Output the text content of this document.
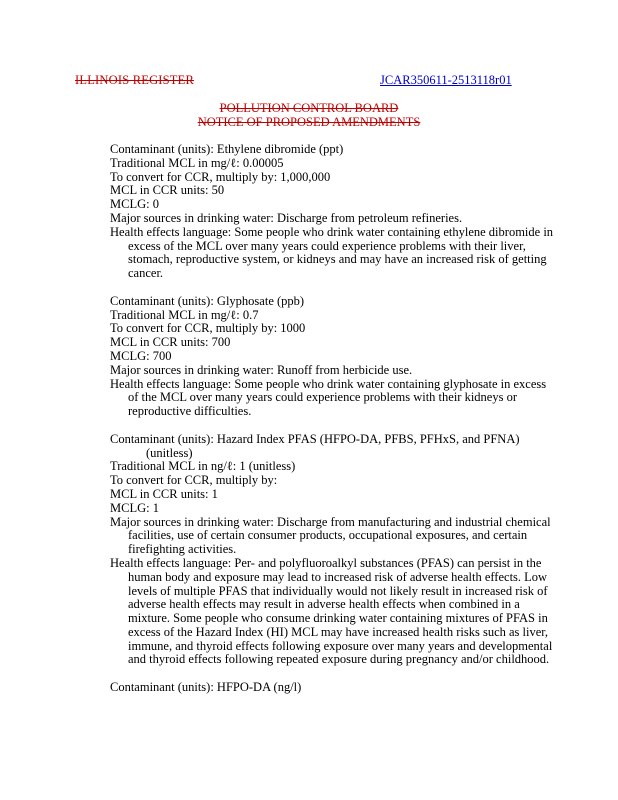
ILLINOIS REGISTER	JCAR350611-2513118r01
POLLUTION CONTROL BOARD
NOTICE OF PROPOSED AMENDMENTS

Contaminant (units): Ethylene dibromide (ppt)

Traditional MCL in mg/ℓ: 0.00005

To convert for CCR, multiply by: 1,000,000

MCL in CCR units: 50

MCLG: 0

Major sources in drinking water: Discharge from petroleum refineries.

Health effects language: Some people who drink water containing ethylene dibromide in

excess of the MCL over many years could experience problems with their liver,

stomach, reproductive system, or kidneys and may have an increased risk of getting

cancer.

Contaminant (units): Glyphosate (ppb)

Traditional MCL in mg/ℓ: 0.7

To convert for CCR, multiply by: 1000

MCL in CCR units: 700

MCLG: 700

Major sources in drinking water: Runoff from herbicide use.

Health effects language: Some people who drink water containing glyphosate in excess

of the MCL over many years could experience problems with their kidneys or

reproductive difficulties.

Contaminant (units): Hazard Index PFAS (HFPO-DA, PFBS, PFHxS, and PFNA)

(unitless)

Traditional MCL in ng/ℓ: 1 (unitless)

To convert for CCR, multiply by:

MCL in CCR units: 1

MCLG: 1

Major sources in drinking water: Discharge from manufacturing and industrial chemical

facilities, use of certain consumer products, occupational exposures, and certain

firefighting activities.

Health effects language: Per- and polyfluoroalkyl substances (PFAS) can persist in the

human body and exposure may lead to increased risk of adverse health effects. Low

levels of multiple PFAS that individually would not likely result in increased risk of

adverse health effects may result in adverse health effects when combined in a

mixture. Some people who consume drinking water containing mixtures of PFAS in

excess of the Hazard Index (HI) MCL may have increased health risks such as liver,

immune, and thyroid effects following exposure over many years and developmental

and thyroid effects following repeated exposure during pregnancy and/or childhood.

Contaminant (units): HFPO-DA (ng/l)
